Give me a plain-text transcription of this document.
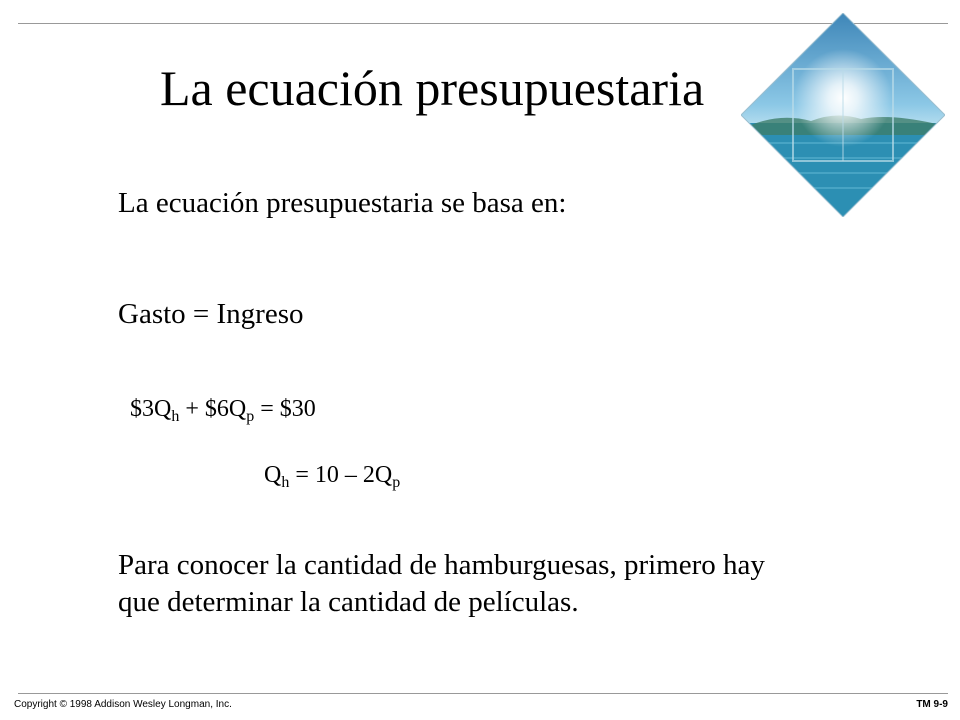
La ecuación presupuestaria
La ecuación presupuestaria se basa en:
Gasto = Ingreso
$\$3Q_h$ + $\$6Q_p$ = $30
$Q_h = 10 - 2Q_p$
Para conocer la cantidad de hamburguesas, primero hay que determinar la cantidad de películas.
Copyright © 1998 Addison Wesley Longman, Inc.	TM 9-9
